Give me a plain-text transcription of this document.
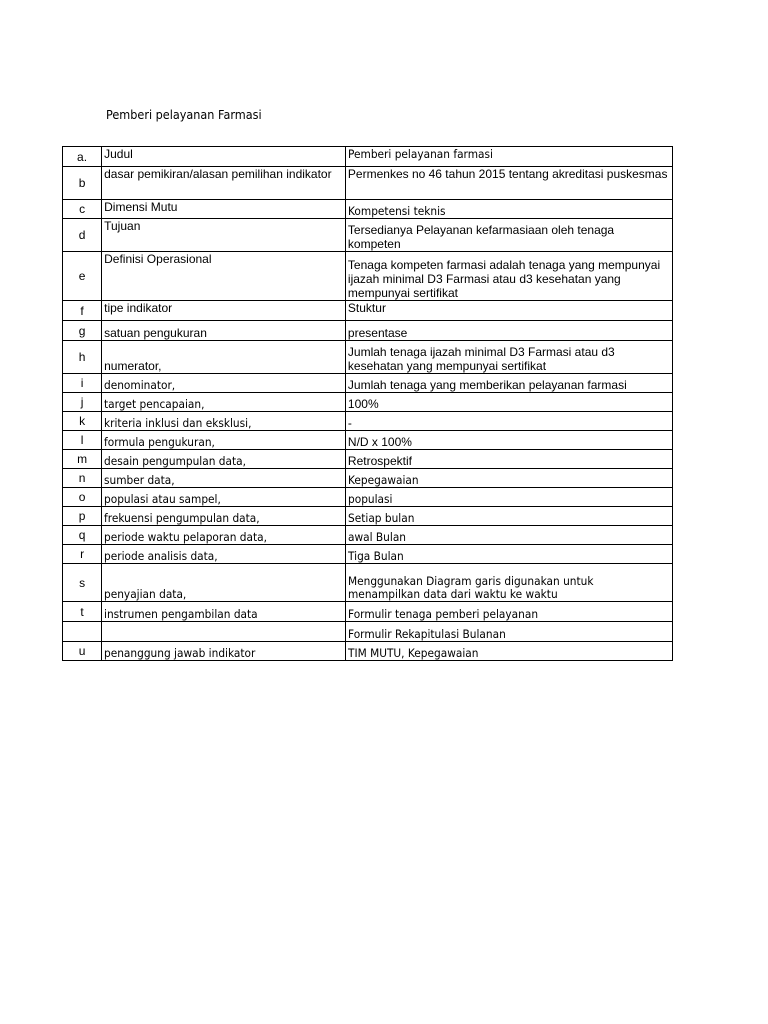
Pemberi pelayanan Farmasi
a.	Judul	Pemberi pelayanan farmasi
b	dasar pemikiran/alasan pemilihan indikator	Permenkes no 46 tahun 2015 tentang akreditasi puskesmas
c	Dimensi Mutu	Kompetensi teknis
d	Tujuan	Tersedianya Pelayanan kefarmasiaan oleh tenaga kompeten
e	Definisi Operasional	Tenaga kompeten farmasi adalah tenaga yang mempunyai ijazah minimal D3 Farmasi atau d3 kesehatan yang mempunyai sertifikat
f	tipe indikator	Stuktur
g	satuan pengukuran	presentase
h	numerator,	Jumlah tenaga ijazah minimal D3 Farmasi atau d3 kesehatan yang mempunyai sertifikat
i	denominator,	Jumlah tenaga yang memberikan pelayanan farmasi
j	target pencapaian,	100%
k	kriteria inklusi dan eksklusi,	-
l	formula pengukuran,	N/D x 100%
m	desain pengumpulan data,	Retrospektif
n	sumber data,	Kepegawaian
o	populasi atau sampel,	populasi
p	frekuensi pengumpulan data,	Setiap bulan
q	periode waktu pelaporan data,	awal Bulan
r	periode analisis data,	Tiga Bulan
s	penyajian data,	Menggunakan Diagram garis digunakan untuk menampilkan data dari waktu ke waktu
t	instrumen pengambilan data	Formulir tenaga pemberi pelayanan
		Formulir Rekapitulasi Bulanan
u	penanggung jawab indikator	TIM MUTU, Kepegawaian
